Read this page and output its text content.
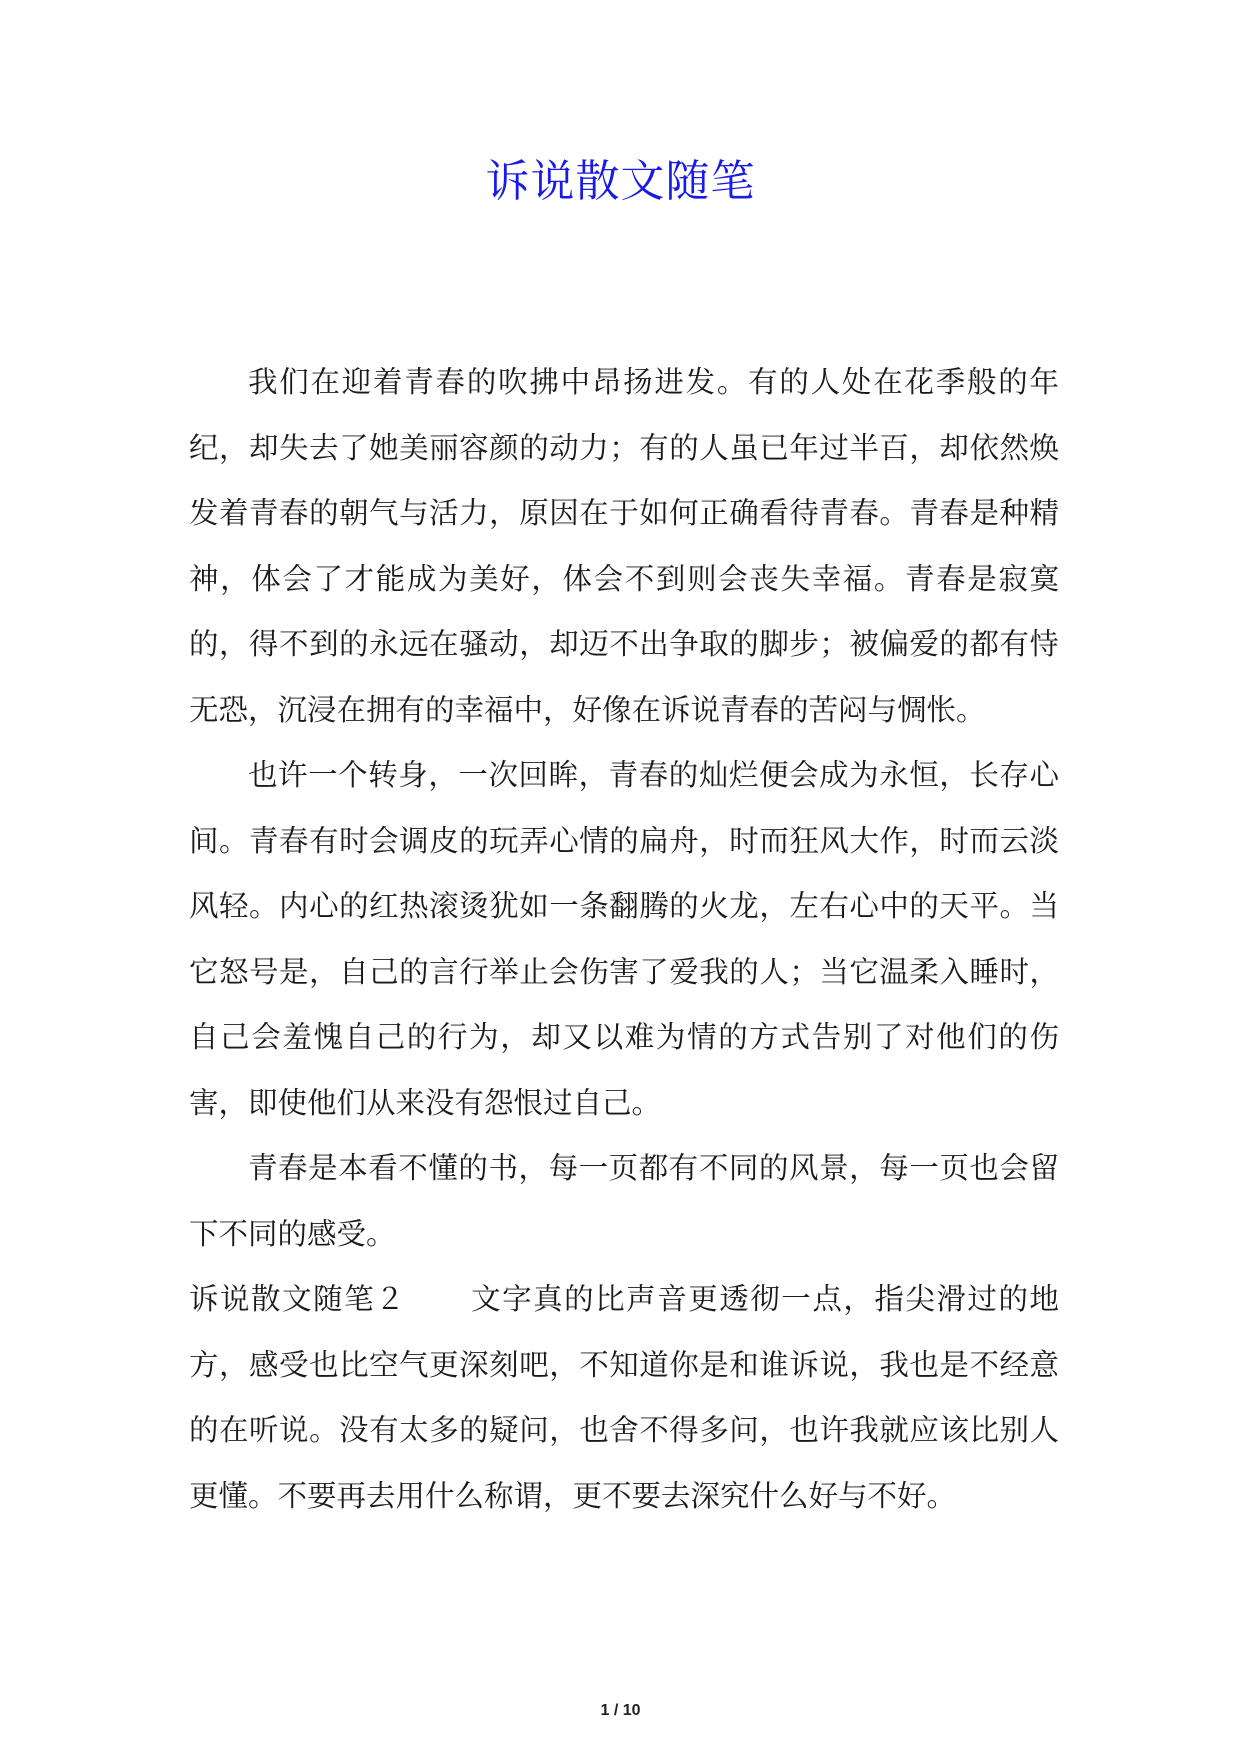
诉说散文随笔

我们在迎着青春的吹拂中昂扬进发。有的人处在花季般的年纪，却失去了她美丽容颜的动力；有的人虽已年过半百，却依然焕发着青春的朝气与活力，原因在于如何正确看待青春。青春是种精神，体会了才能成为美好，体会不到则会丧失幸福。青春是寂寞的，得不到的永远在骚动，却迈不出争取的脚步；被偏爱的都有恃无恐，沉浸在拥有的幸福中，好像在诉说青春的苦闷与惆怅。

也许一个转身，一次回眸，青春的灿烂便会成为永恒，长存心间。青春有时会调皮的玩弄心情的扁舟，时而狂风大作，时而云淡风轻。内心的红热滚烫犹如一条翻腾的火龙，左右心中的天平。当它怒号是，自己的言行举止会伤害了爱我的人；当它温柔入睡时，自己会羞愧自己的行为，却又以难为情的方式告别了对他们的伤害，即使他们从来没有怨恨过自己。

青春是本看不懂的书，每一页都有不同的风景，每一页也会留下不同的感受。

诉说散文随笔２ 文字真的比声音更透彻一点，指尖滑过的地方，感受也比空气更深刻吧，不知道你是和谁诉说，我也是不经意的在听说。没有太多的疑问，也舍不得多问，也许我就应该比别人更懂。不要再去用什么称谓，更不要去深究什么好与不好。

1 / 10
